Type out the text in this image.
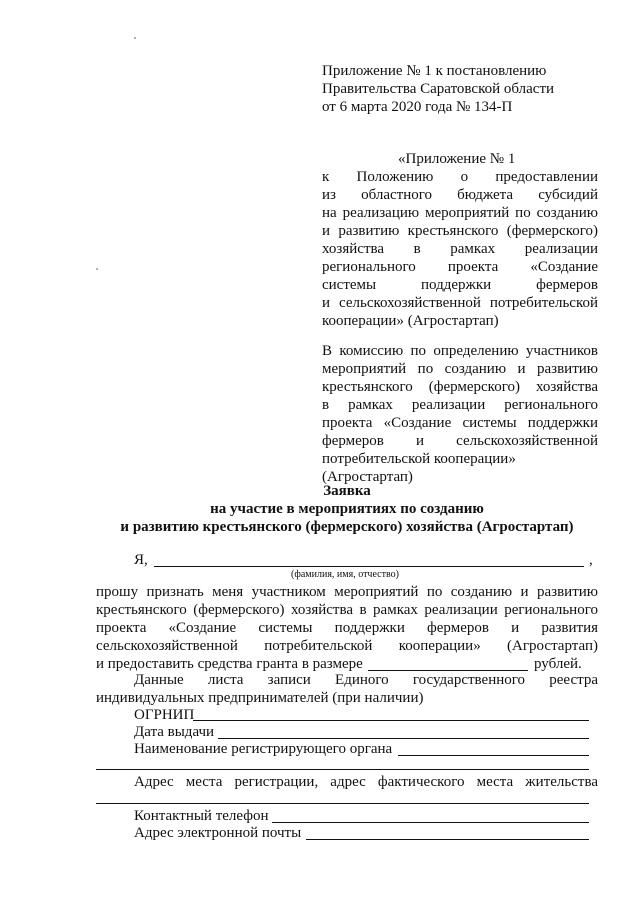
Приложение № 1 к постановлению
Правительства Саратовской области
от 6 марта 2020 года № 134-П
«Приложение № 1
к Положению о предоставлении
из областного бюджета субсидий
на реализацию мероприятий по созданию
и развитию крестьянского (фермерского)
хозяйства в рамках реализации
регионального проекта «Создание
системы поддержки фермеров
и сельскохозяйственной потребительской
кооперации» (Агростартап)
В комиссию по определению участников
мероприятий по созданию и развитию
крестьянского (фермерского) хозяйства
в рамках реализации регионального
проекта «Создание системы поддержки
фермеров и сельскохозяйственной
потребительской кооперации» (Агростартап)
Заявка
на участие в мероприятиях по созданию
и развитию крестьянского (фермерского) хозяйства (Агростартап)
Я,	,
(фамилия, имя, отчество)
прошу признать меня участником мероприятий по созданию и развитию
крестьянского (фермерского) хозяйства в рамках реализации регионального
проекта «Создание системы поддержки фермеров и развития
сельскохозяйственной потребительской кооперации» (Агростартап)
и предоставить средства гранта в размере	рублей.
Данные листа записи Единого государственного реестра
индивидуальных предпринимателей (при наличии)
ОГРНИП
Дата выдачи
Наименование регистрирующего органа
Адрес места регистрации, адрес фактического места жительства
Контактный телефон
Адрес электронной почты
